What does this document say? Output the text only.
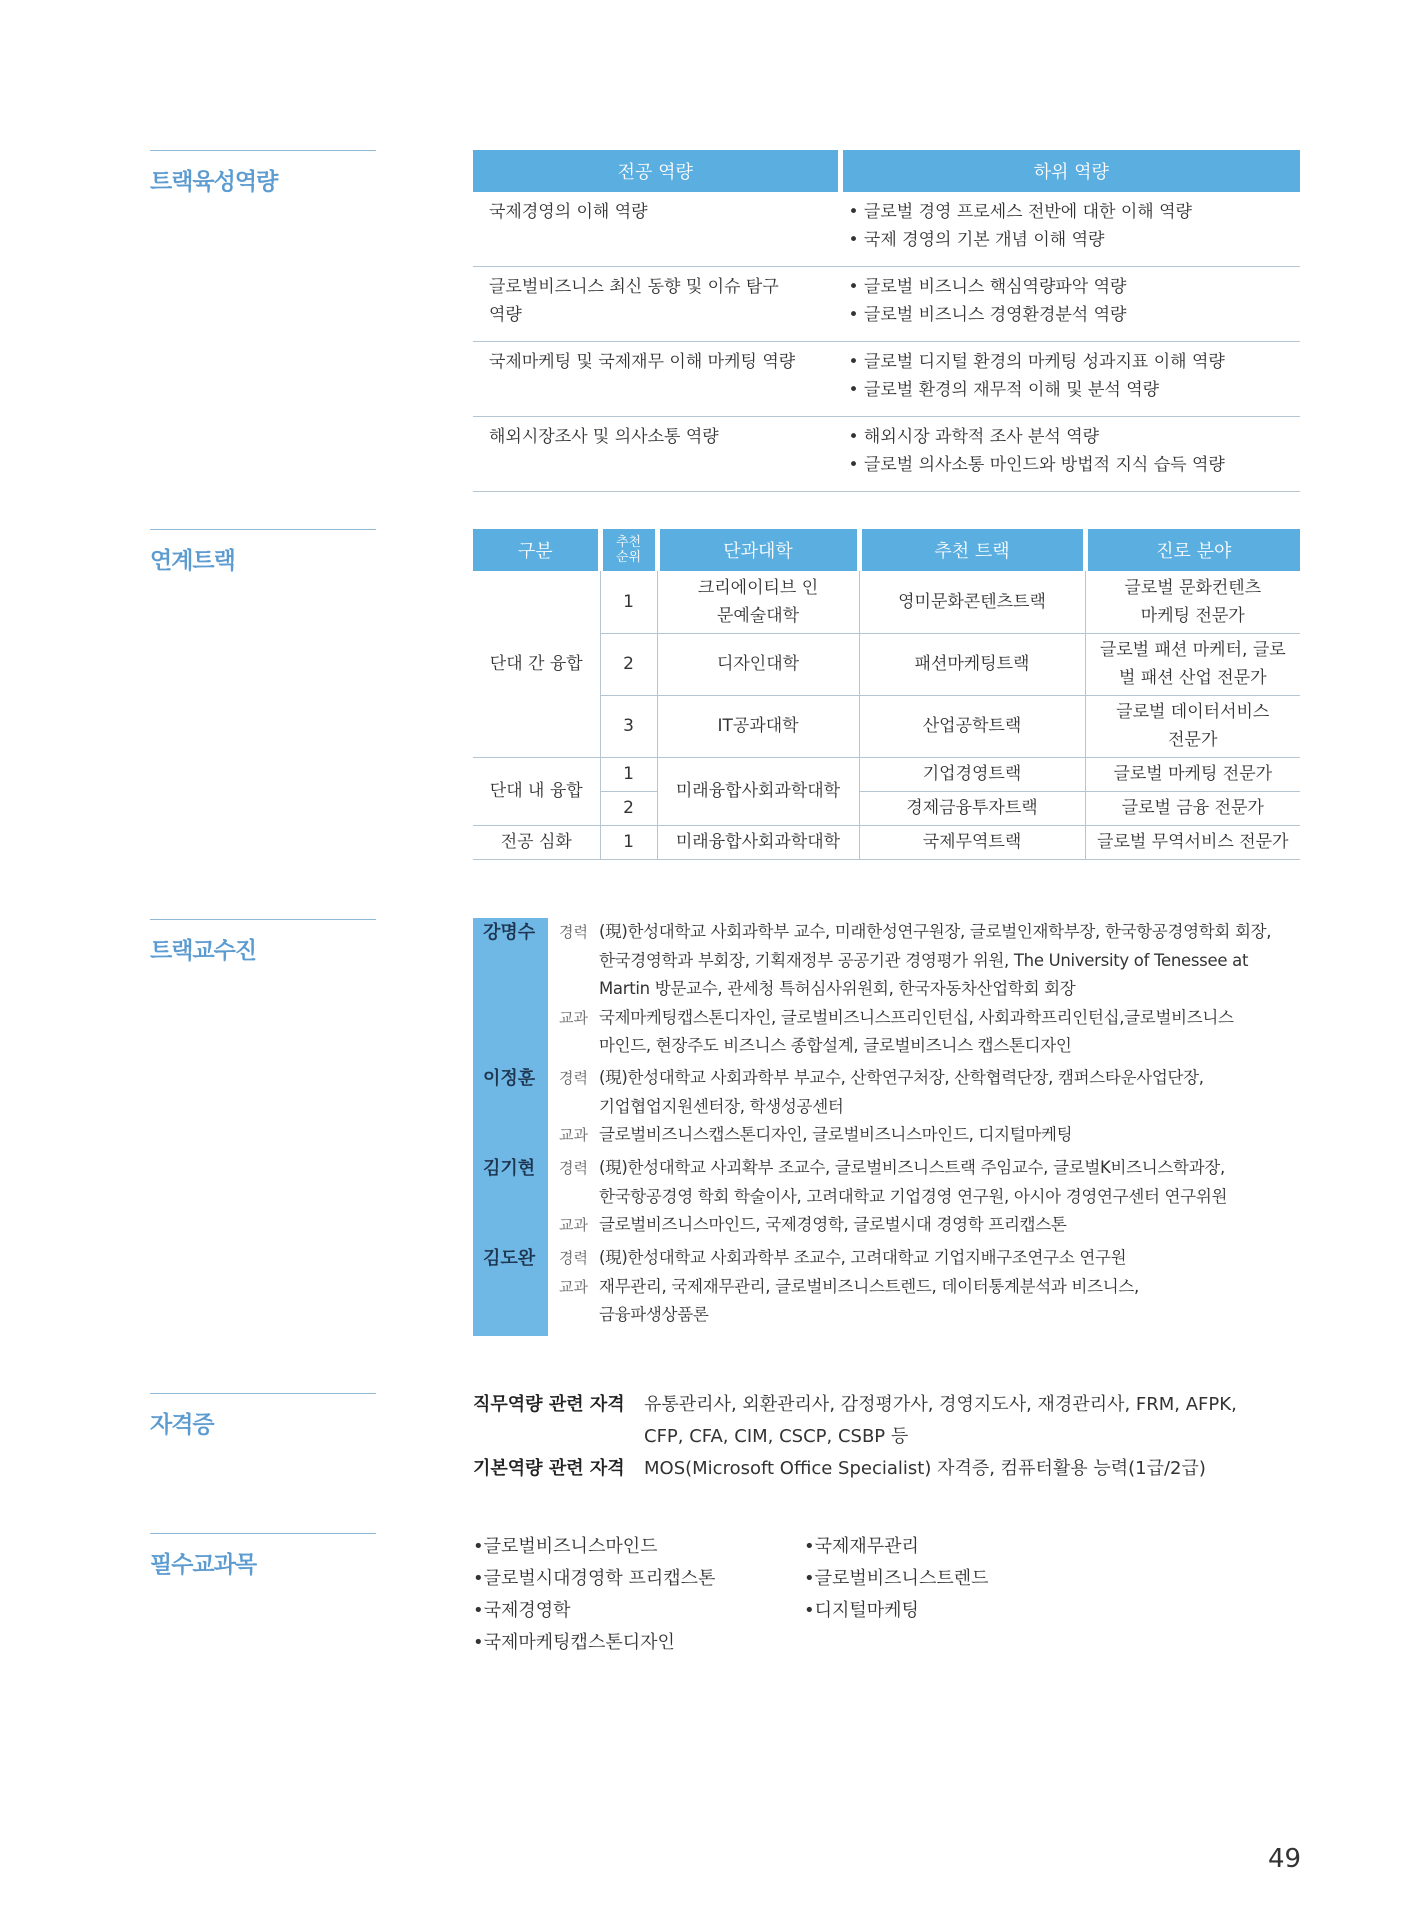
트랙육성역량
연계트랙
트랙교수진
자격증
필수교과목
전공 역량	하위 역량
국제경영의 이해 역량	• 글로벌 경영 프로세스 전반에 대한 이해 역량
• 국제 경영의 기본 개념 이해 역량

글로벌비즈니스 최신 동향 및 이슈 탐구 역량	• 글로벌 비즈니스 핵심역량파악 역량
• 글로벌 비즈니스 경영환경분석 역량

국제마케팅 및 국제재무 이해 마케팅 역량	• 글로벌 디지털 환경의 마케팅 성과지표 이해 역량
• 글로벌 환경의 재무적 이해 및 분석 역량

해외시장조사 및 의사소통 역량	• 해외시장 과학적 조사 분석 역량
• 글로벌 의사소통 마인드와 방법적 지식 습득 역량
구분	추천 순위	단과대학	추천 트랙	진로 분야
단대 간 융합	1	크리에이티브 인문예술대학	영미문화콘텐츠트랙	글로벌 문화컨텐츠 마케팅 전문가
	2	디자인대학	패션마케팅트랙	글로벌 패션 마케터, 글로벌 패션 산업 전문가
	3	IT공과대학	산업공학트랙	글로벌 데이터서비스 전문가
단대 내 융합	1	미래융합사회과학대학	기업경영트랙	글로벌 마케팅 전문가
	2		경제금융투자트랙	글로벌 금융 전문가
전공 심화	1	미래융합사회과학대학	국제무역트랙	글로벌 무역서비스 전문가
강명수 경력 (現)한성대학교 사회과학부 교수, 미래한성연구원장, 글로벌인재학부장, 한국항공경영학회 회장,
한국경영학과 부회장, 기획재정부 공공기관 경영평가 위원, The University of Tenessee at
Martin 방문교수, 관세청 특허심사위원회, 한국자동차산업학회 회장
교과 국제마케팅캡스톤디자인, 글로벌비즈니스프리인턴십, 사회과학프리인턴십,글로벌비즈니스
마인드, 현장주도 비즈니스 종합설계, 글로벌비즈니스 캡스톤디자인
이정훈 경력 (現)한성대학교 사회과학부 부교수, 산학연구처장, 산학협력단장, 캠퍼스타운사업단장,
기업협업지원센터장, 학생성공센터
교과 글로벌비즈니스캡스톤디자인, 글로벌비즈니스마인드, 디지털마케팅
김기현 경력 (現)한성대학교 사괴확부 조교수, 글로벌비즈니스트랙 주임교수, 글로벌K비즈니스학과장,
한국항공경영 학회 학술이사, 고려대학교 기업경영 연구원, 아시아 경영연구센터 연구위원
교과 글로벌비즈니스마인드, 국제경영학, 글로벌시대 경영학 프리캡스톤
김도완 경력 (現)한성대학교 사회과학부 조교수, 고려대학교 기업지배구조연구소 연구원
교과 재무관리, 국제재무관리, 글로벌비즈니스트렌드, 데이터통계분석과 비즈니스,
금융파생상품론
직무역량 관련 자격 유통관리사, 외환관리사, 감정평가사, 경영지도사, 재경관리사, FRM, AFPK,
CFP, CFA, CIM, CSCP, CSBP 등
기본역량 관련 자격 MOS(Microsoft Office Specialist) 자격증, 컴퓨터활용 능력(1급/2급)
•글로벌비즈니스마인드
•글로벌시대경영학 프리캡스톤
•국제경영학
•국제마케팅캡스톤디자인
•국제재무관리
•글로벌비즈니스트렌드
•디지털마케팅
49
